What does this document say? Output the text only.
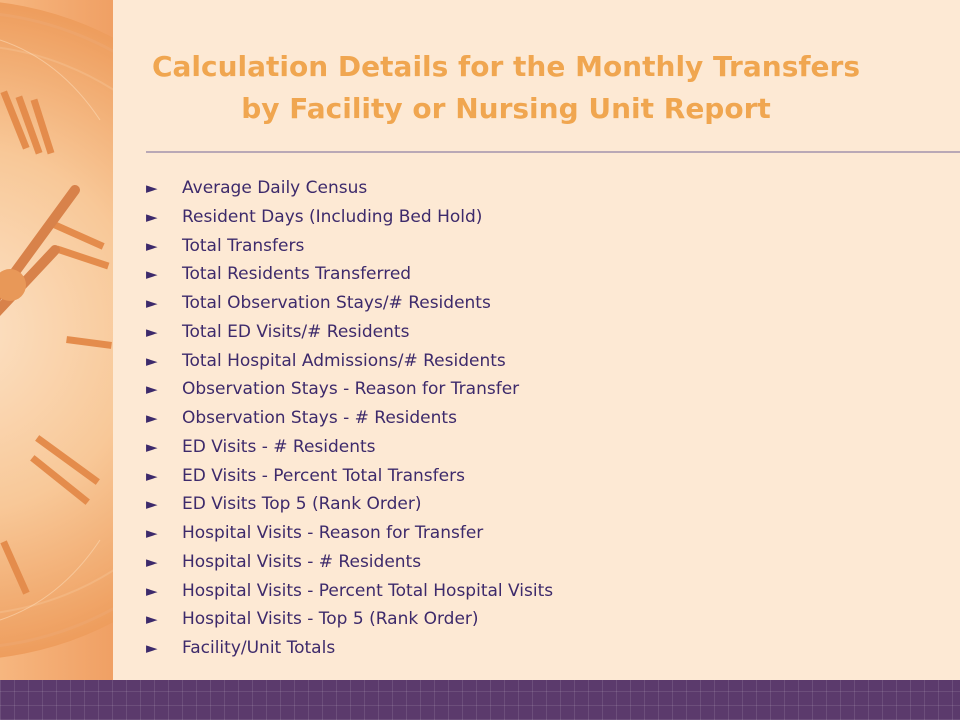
Calculation Details for the Monthly Transfers
by Facility or Nursing Unit Report
► Average Daily Census
► Resident Days (Including Bed Hold)
► Total Transfers
► Total Residents Transferred
► Total Observation Stays/# Residents
► Total ED Visits/# Residents
► Total Hospital Admissions/# Residents
► Observation Stays - Reason for Transfer
► Observation Stays - # Residents
► ED Visits - # Residents
► ED Visits - Percent Total Transfers
► ED Visits Top 5 (Rank Order)
► Hospital Visits - Reason for Transfer
► Hospital Visits - # Residents
► Hospital Visits - Percent Total Hospital Visits
► Hospital Visits - Top 5 (Rank Order)
► Facility/Unit Totals
